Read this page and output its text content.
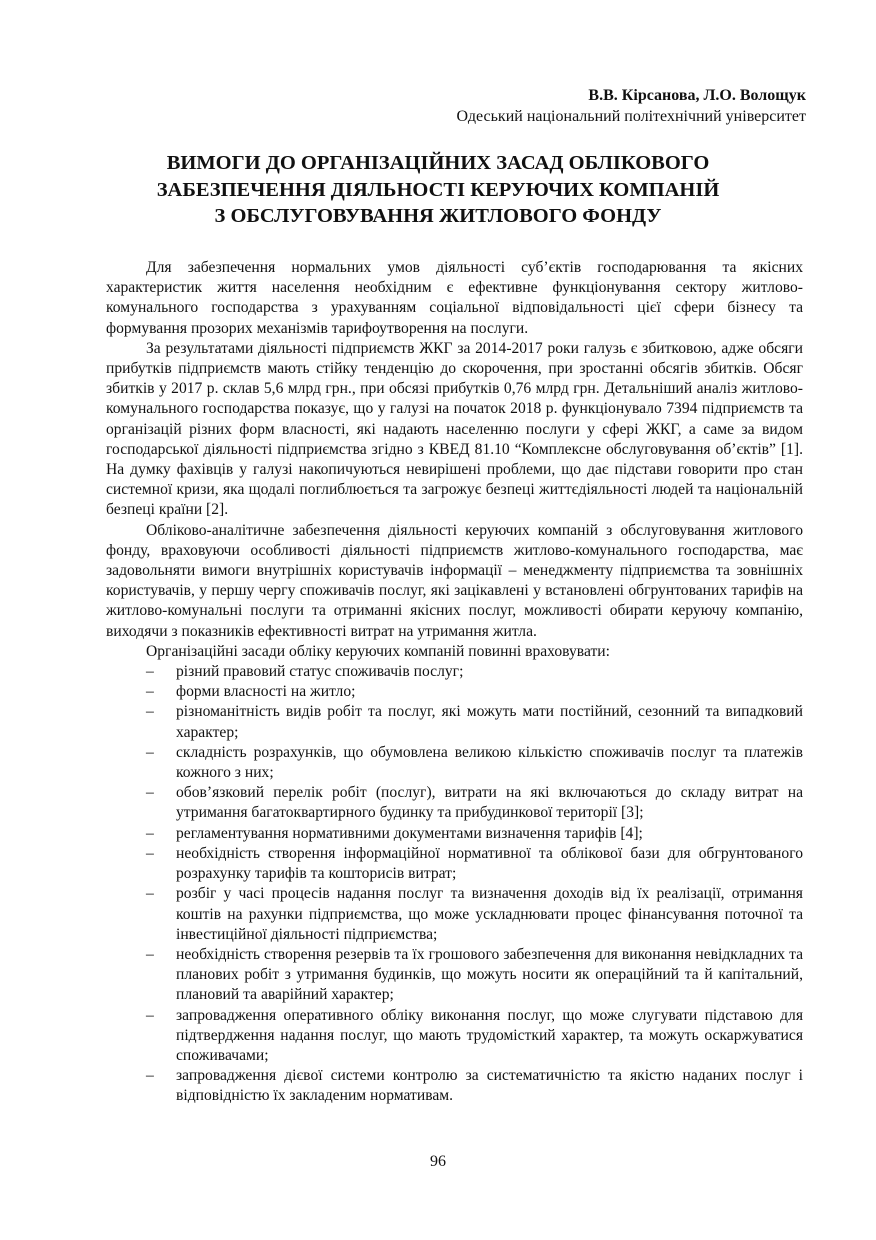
В.В. Кірсанова, Л.О. Волощук
Одеський національний політехнічний університет
ВИМОГИ ДО ОРГАНІЗАЦІЙНИХ ЗАСАД ОБЛІКОВОГО
ЗАБЕЗПЕЧЕННЯ ДІЯЛЬНОСТІ КЕРУЮЧИХ КОМПАНІЙ
З ОБСЛУГОВУВАННЯ ЖИТЛОВОГО ФОНДУ

Для забезпечення нормальних умов діяльності суб’єктів господарювання та якісних характеристик життя населення необхідним є ефективне функціонування сектору житлово-комунального господарства з урахуванням соціальної відповідальності цієї сфери бізнесу та формування прозорих механізмів тарифоутворення на послуги.

За результатами діяльності підприємств ЖКГ за 2014-2017 роки галузь є збитковою, адже обсяги прибутків підприємств мають стійку тенденцію до скорочення, при зростанні обсягів збитків. Обсяг збитків у 2017 р. склав 5,6 млрд грн., при обсязі прибутків 0,76 млрд грн. Детальніший аналіз житлово-комунального господарства показує, що у галузі на початок 2018 р. функціонувало 7394 підприємств та організацій різних форм власності, які надають населенню послуги у сфері ЖКГ, а саме за видом господарської діяльності підприємства згідно з КВЕД 81.10 “Комплексне обслуговування об’єктів” [1]. На думку фахівців у галузі накопичуються невирішені проблеми, що дає підстави говорити про стан системної кризи, яка щодалі поглиблюється та загрожує безпеці життєдіяльності людей та національній безпеці країни [2].

Обліково-аналітичне забезпечення діяльності керуючих компаній з обслуговування житлового фонду, враховуючи особливості діяльності підприємств житлово-комунального господарства, має задовольняти вимоги внутрішніх користувачів інформації – менеджменту підприємства та зовнішніх користувачів, у першу чергу споживачів послуг, які зацікавлені у встановлені обгрунтованих тарифів на житлово-комунальні послуги та отриманні якісних послуг, можливості обирати керуючу компанію, виходячи з показників ефективності витрат на утримання житла.

Організаційні засади обліку керуючих компаній повинні враховувати:

– різний правовий статус споживачів послуг;
– форми власності на житло;
– різноманітність видів робіт та послуг, які можуть мати постійний, сезонний та випадковий характер;
– складність розрахунків, що обумовлена великою кількістю споживачів послуг та платежів кожного з них;
– обов’язковий перелік робіт (послуг), витрати на які включаються до складу витрат на утримання багатоквартирного будинку та прибудинкової території [3];
– регламентування нормативними документами визначення тарифів [4];
– необхідність створення інформаційної нормативної та облікової бази для обгрунтованого розрахунку тарифів та кошторисів витрат;
– розбіг у часі процесів надання послуг та визначення доходів від їх реалізації, отримання коштів на рахунки підприємства, що може ускладнювати процес фінансування поточної та інвестиційної діяльності підприємства;
– необхідність створення резервів та їх грошового забезпечення для виконання невідкладних та планових робіт з утримання будинків, що можуть носити як операційний та й капітальний, плановий та аварійний характер;
– запровадження оперативного обліку виконання послуг, що може слугувати підставою для підтвердження надання послуг, що мають трудомісткий характер, та можуть оскаржуватися споживачами;
– запровадження дієвої системи контролю за систематичністю та якістю наданих послуг і відповідністю їх закладеним нормативам.
96
